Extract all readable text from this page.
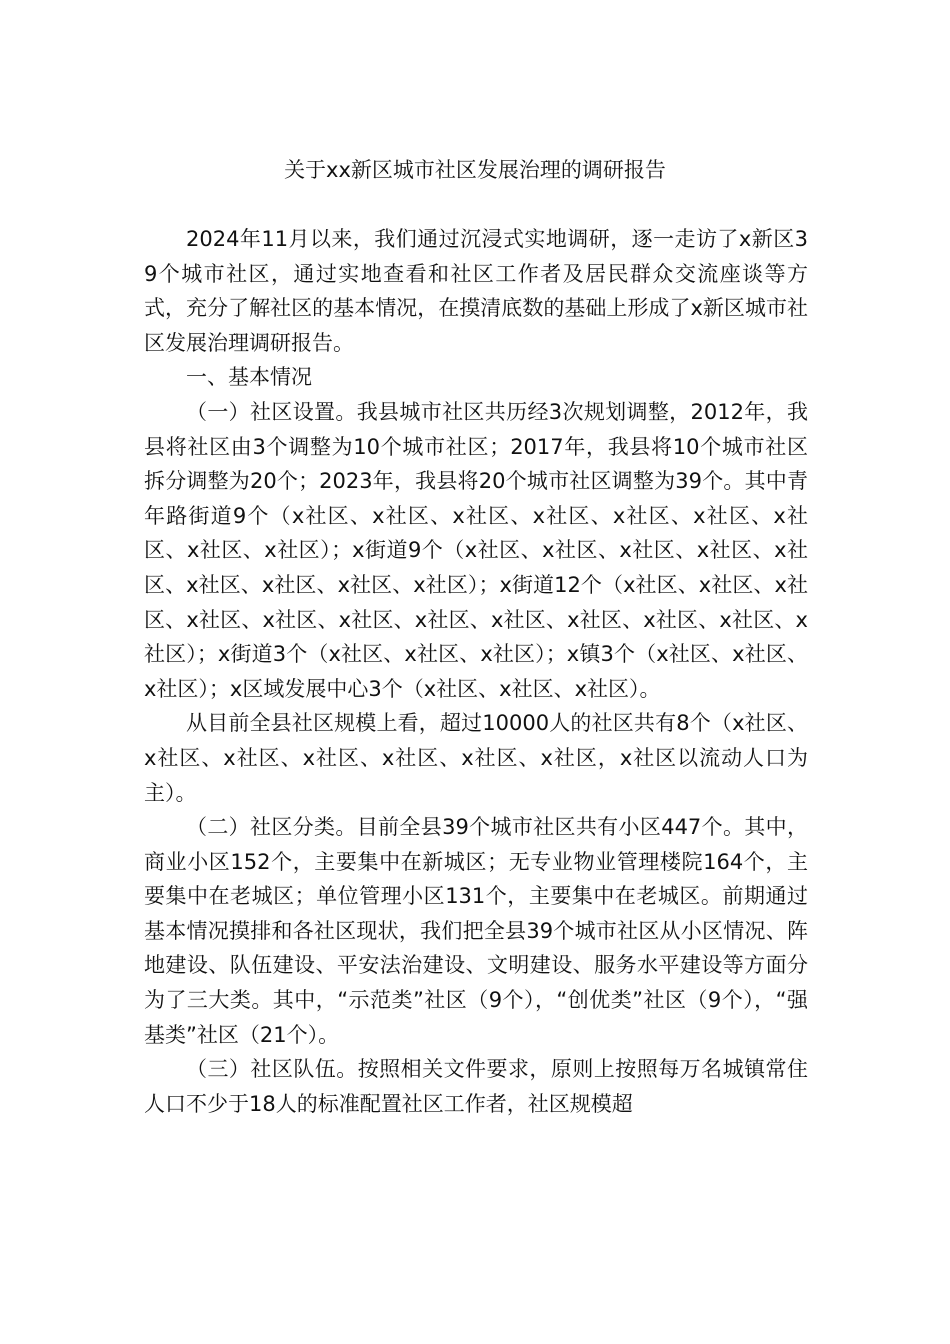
关于xx新区城市社区发展治理的调研报告

2024年11月以来，我们通过沉浸式实地调研，逐一走访了x新区39个城市社区，通过实地查看和社区工作者及居民群众交流座谈等方式，充分了解社区的基本情况，在摸清底数的基础上形成了x新区城市社区发展治理调研报告。

一、基本情况

（一）社区设置。我县城市社区共历经3次规划调整，2012年，我县将社区由3个调整为10个城市社区；2017年，我县将10个城市社区拆分调整为20个；2023年，我县将20个城市社区调整为39个。其中青年路街道9个（x社区、x社区、x社区、x社区、x社区、x社区、x社区、x社区、x社区）；x街道9个（x社区、x社区、x社区、x社区、x社区、x社区、x社区、x社区、x社区）；x街道12个（x社区、x社区、x社区、x社区、x社区、x社区、x社区、x社区、x社区、x社区、x社区、x社区）；x街道3个（x社区、x社区、x社区）；x镇3个（x社区、x社区、x社区）；x区域发展中心3个（x社区、x社区、x社区）。

从目前全县社区规模上看，超过10000人的社区共有8个（x社区、x社区、x社区、x社区、x社区、x社区、x社区，x社区以流动人口为主）。

（二）社区分类。目前全县39个城市社区共有小区447个。其中，商业小区152个，主要集中在新城区；无专业物业管理楼院164个，主要集中在老城区；单位管理小区131个，主要集中在老城区。前期通过基本情况摸排和各社区现状，我们把全县39个城市社区从小区情况、阵地建设、队伍建设、平安法治建设、文明建设、服务水平建设等方面分为了三大类。其中，“示范类”社区（9个），“创优类”社区（9个），“强基类”社区（21个）。

（三）社区队伍。按照相关文件要求，原则上按照每万名城镇常住人口不少于18人的标准配置社区工作者，社区规模超
